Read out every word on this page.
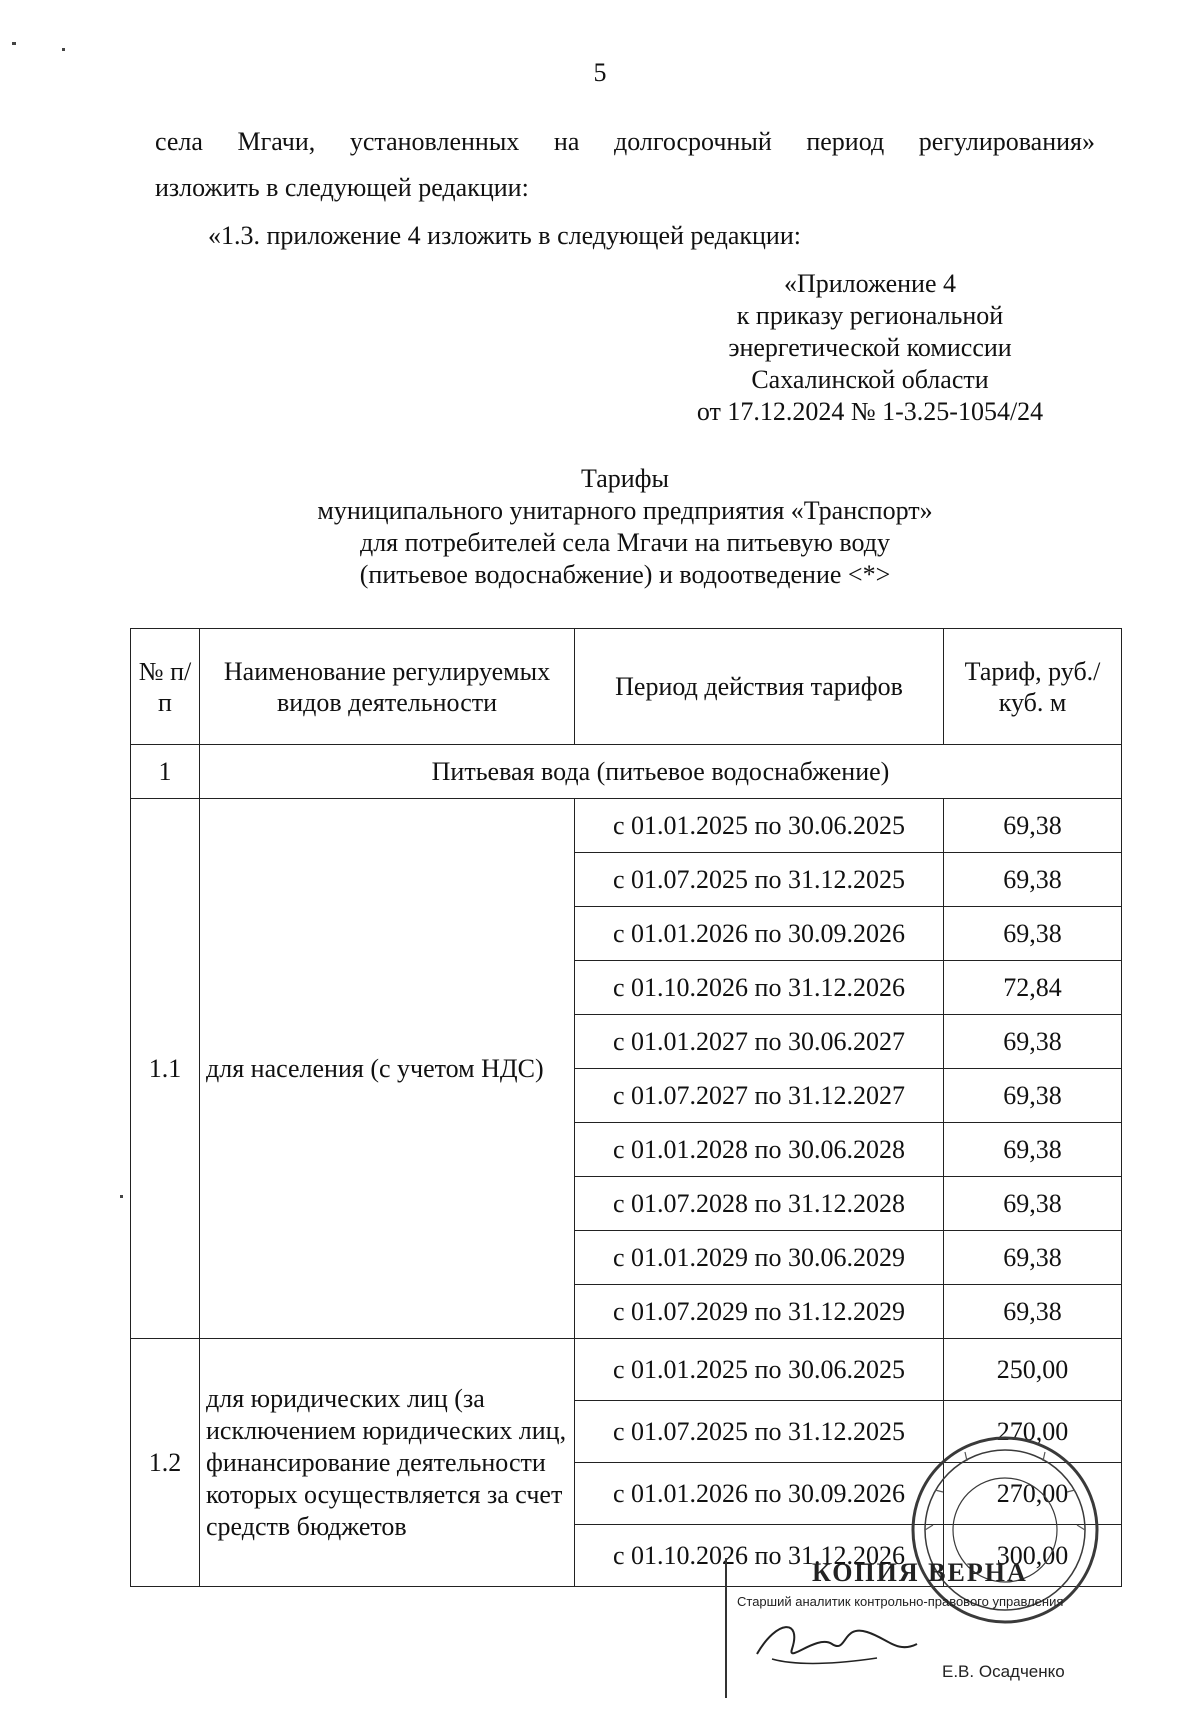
5
села Мгачи, установленных на долгосрочный период регулирования»
изложить в следующей редакции:
«1.3. приложение 4 изложить в следующей редакции:
«Приложение 4
к приказу региональной
энергетической комиссии
Сахалинской области
от 17.12.2024 № 1-3.25-1054/24
Тарифы
муниципального унитарного предприятия «Транспорт»
для потребителей села Мгачи на питьевую воду
(питьевое водоснабжение) и водоотведение <*>
№ п/п	Наименование регулируемых видов деятельности	Период действия тарифов	Тариф, руб./куб. м
1	Питьевая вода (питьевое водоснабжение)		
1.1	для населения (с учетом НДС)	с 01.01.2025 по 30.06.2025	69,38
		с 01.07.2025 по 31.12.2025	69,38
		с 01.01.2026 по 30.09.2026	69,38
		с 01.10.2026 по 31.12.2026	72,84
		с 01.01.2027 по 30.06.2027	69,38
		с 01.07.2027 по 31.12.2027	69,38
		с 01.01.2028 по 30.06.2028	69,38
		с 01.07.2028 по 31.12.2028	69,38
		с 01.01.2029 по 30.06.2029	69,38
		с 01.07.2029 по 31.12.2029	69,38
1.2	для юридических лиц (за исключением юридических лиц, финансирование деятельности которых осуществляется за счет средств бюджетов	с 01.01.2025 по 30.06.2025	250,00
		с 01.07.2025 по 31.12.2025	270,00
		с 01.01.2026 по 30.09.2026	270,00
		с 01.10.2026 по 31.12.2026	300,00
КОПИЯ ВЕРНА
Старший аналитик контрольно-правового управления
Е.В. Осадченко
